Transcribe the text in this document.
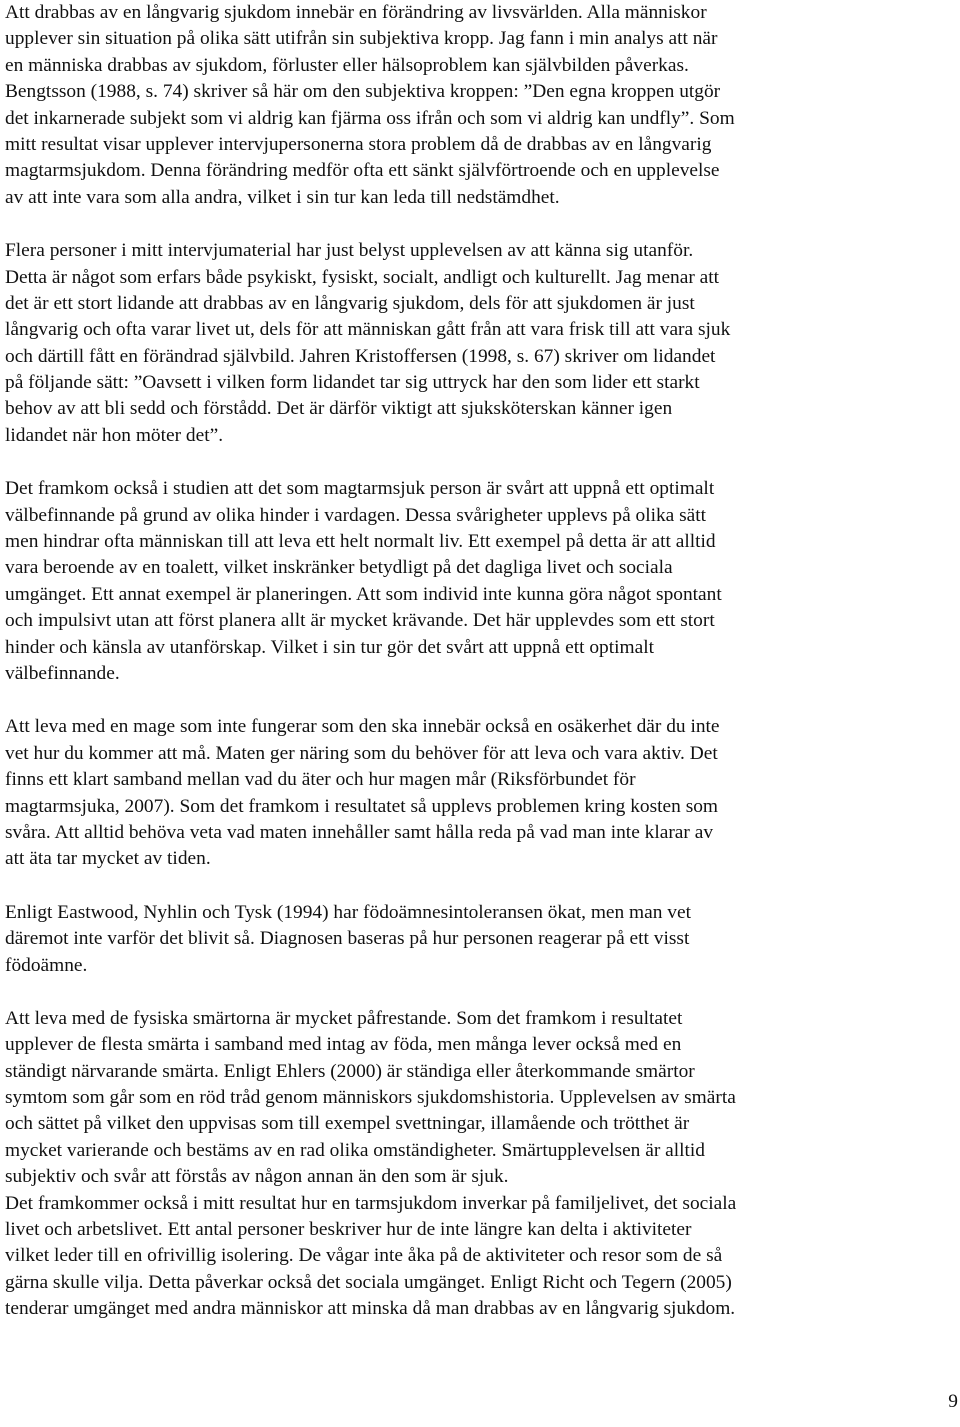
Att drabbas av en långvarig sjukdom innebär en förändring av livsvärlden. Alla människor
upplever sin situation på olika sätt utifrån sin subjektiva kropp. Jag fann i min analys att när
en människa drabbas av sjukdom, förluster eller hälsoproblem kan självbilden påverkas.
Bengtsson (1988, s. 74) skriver så här om den subjektiva kroppen: ”Den egna kroppen utgör
det inkarnerade subjekt som vi aldrig kan fjärma oss ifrån och som vi aldrig kan undfly”. Som
mitt resultat visar upplever intervjupersonerna stora problem då de drabbas av en långvarig
magtarmsjukdom. Denna förändring medför ofta ett sänkt självförtroende och en upplevelse
av att inte vara som alla andra, vilket i sin tur kan leda till nedstämdhet.
Flera personer i mitt intervjumaterial har just belyst upplevelsen av att känna sig utanför.
Detta är något som erfars både psykiskt, fysiskt, socialt, andligt och kulturellt. Jag menar att
det är ett stort lidande att drabbas av en långvarig sjukdom, dels för att sjukdomen är just
långvarig och ofta varar livet ut, dels för att människan gått från att vara frisk till att vara sjuk
och därtill fått en förändrad självbild. Jahren Kristoffersen (1998, s. 67) skriver om lidandet
på följande sätt: ”Oavsett i vilken form lidandet tar sig uttryck har den som lider ett starkt
behov av att bli sedd och förstådd. Det är därför viktigt att sjuksköterskan känner igen
lidandet när hon möter det”.
Det framkom också i studien att det som magtarmsjuk person är svårt att uppnå ett optimalt
välbefinnande på grund av olika hinder i vardagen. Dessa svårigheter upplevs på olika sätt
men hindrar ofta människan till att leva ett helt normalt liv. Ett exempel på detta är att alltid
vara beroende av en toalett, vilket inskränker betydligt på det dagliga livet och sociala
umgänget. Ett annat exempel är planeringen. Att som individ inte kunna göra något spontant
och impulsivt utan att först planera allt är mycket krävande. Det här upplevdes som ett stort
hinder och känsla av utanförskap. Vilket i sin tur gör det svårt att uppnå ett optimalt
välbefinnande.
Att leva med en mage som inte fungerar som den ska innebär också en osäkerhet där du inte
vet hur du kommer att må. Maten ger näring som du behöver för att leva och vara aktiv. Det
finns ett klart samband mellan vad du äter och hur magen mår (Riksförbundet för
magtarmsjuka, 2007). Som det framkom i resultatet så upplevs problemen kring kosten som
svåra. Att alltid behöva veta vad maten innehåller samt hålla reda på vad man inte klarar av
att äta tar mycket av tiden.
Enligt Eastwood, Nyhlin och Tysk (1994) har födoämnesintoleransen ökat, men man vet
däremot inte varför det blivit så. Diagnosen baseras på hur personen reagerar på ett visst
födoämne.
Att leva med de fysiska smärtorna är mycket påfrestande. Som det framkom i resultatet
upplever de flesta smärta i samband med intag av föda, men många lever också med en
ständigt närvarande smärta. Enligt Ehlers (2000) är ständiga eller återkommande smärtor
symtom som går som en röd tråd genom människors sjukdomshistoria. Upplevelsen av smärta
och sättet på vilket den uppvisas som till exempel svettningar, illamående och trötthet är
mycket varierande och bestäms av en rad olika omständigheter. Smärtupplevelsen är alltid
subjektiv och svår att förstås av någon annan än den som är sjuk.
Det framkommer också i mitt resultat hur en tarmsjukdom inverkar på familjelivet, det sociala
livet och arbetslivet. Ett antal personer beskriver hur de inte längre kan delta i aktiviteter
vilket leder till en ofrivillig isolering. De vågar inte åka på de aktiviteter och resor som de så
gärna skulle vilja. Detta påverkar också det sociala umgänget. Enligt Richt och Tegern (2005)
tenderar umgänget med andra människor att minska då man drabbas av en långvarig sjukdom.
9
